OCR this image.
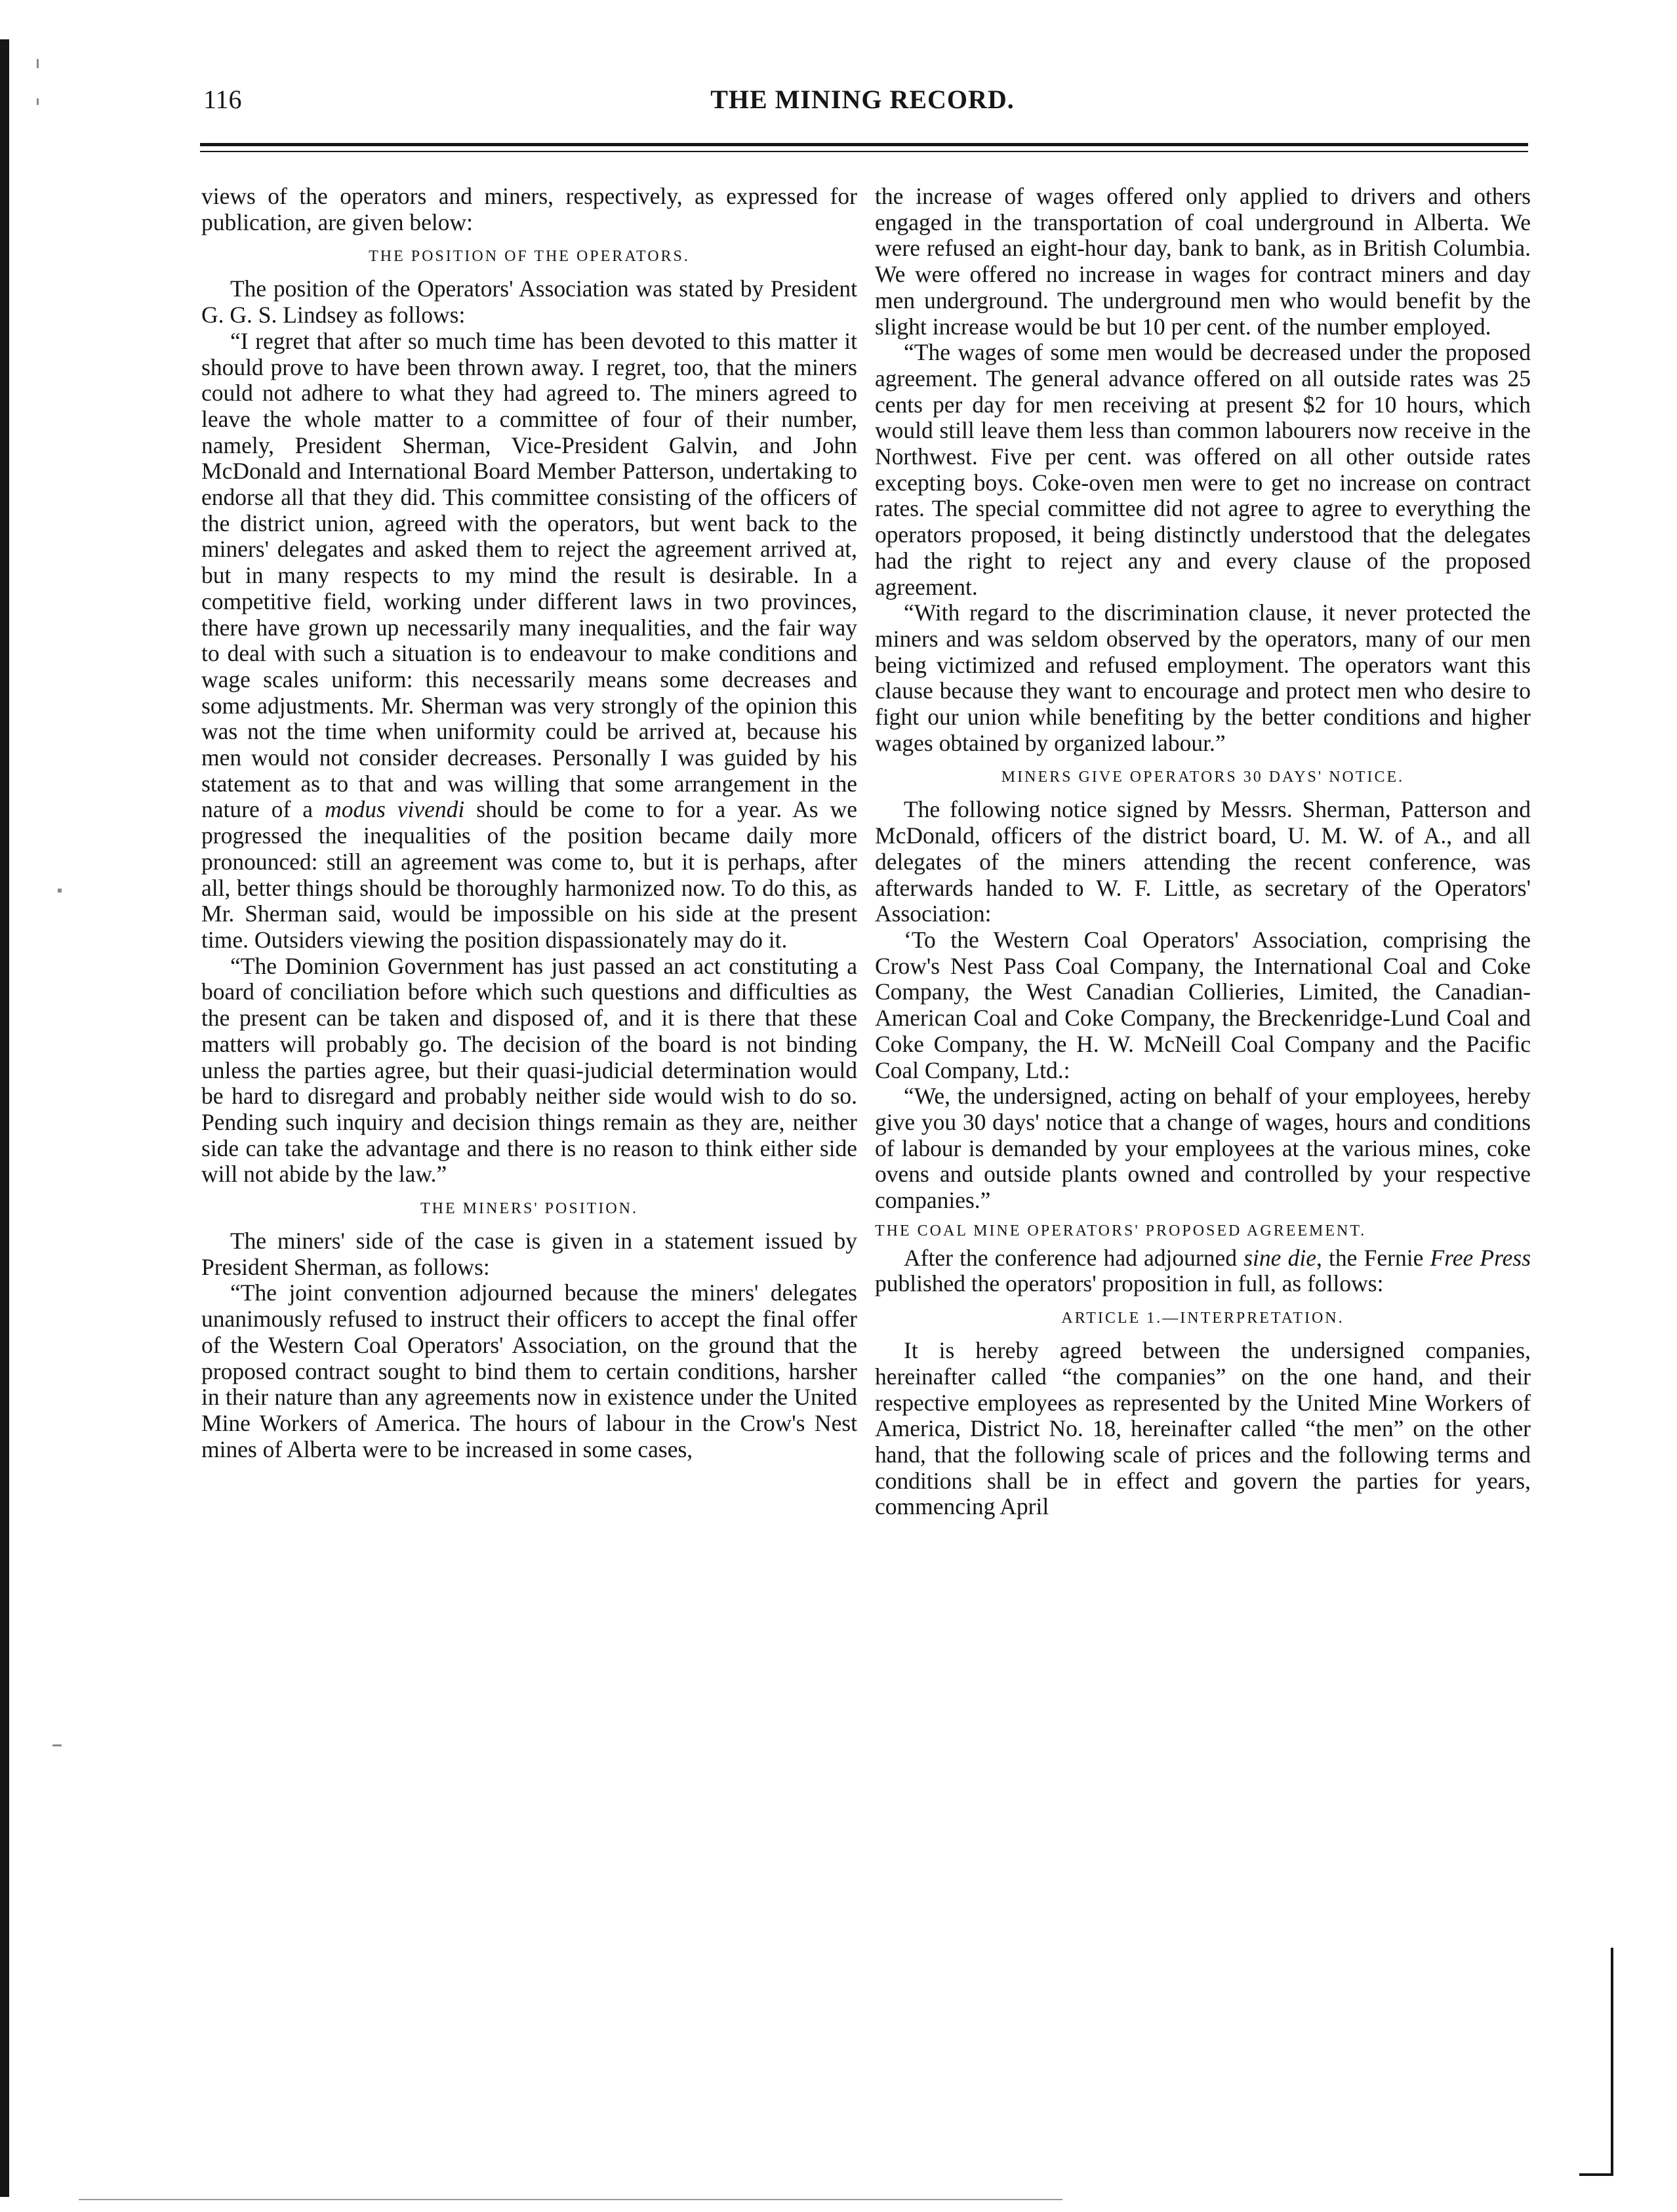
116	THE MINING RECORD.

views of the operators and miners, respectively, as expressed for publication, are given below:

THE POSITION OF THE OPERATORS.

The position of the Operators' Association was stated by President G. G. S. Lindsey as follows:

“I regret that after so much time has been devoted to this matter it should prove to have been thrown away. I regret, too, that the miners could not adhere to what they had agreed to. The miners agreed to leave the whole matter to a committee of four of their number, namely, President Sherman, Vice-President Galvin, and John McDonald and International Board Member Patterson, undertaking to endorse all that they did. This committee consisting of the officers of the district union, agreed with the operators, but went back to the miners' delegates and asked them to reject the agreement arrived at, but in many respects to my mind the result is desirable. In a competitive field, working under different laws in two provinces, there have grown up necessarily many inequalities, and the fair way to deal with such a situation is to endeavour to make conditions and wage scales uniform: this necessarily means some decreases and some adjustments. Mr. Sherman was very strongly of the opinion this was not the time when uniformity could be arrived at, because his men would not consider decreases. Personally I was guided by his statement as to that and was willing that some arrangement in the nature of a modus vivendi should be come to for a year. As we progressed the inequalities of the position became daily more pronounced: still an agreement was come to, but it is perhaps, after all, better things should be thoroughly harmonized now. To do this, as Mr. Sherman said, would be impossible on his side at the present time. Outsiders viewing the position dispassionately may do it.

“The Dominion Government has just passed an act constituting a board of conciliation before which such questions and difficulties as the present can be taken and disposed of, and it is there that these matters will probably go. The decision of the board is not binding unless the parties agree, but their quasi-judicial determination would be hard to disregard and probably neither side would wish to do so. Pending such inquiry and decision things remain as they are, neither side can take the advantage and there is no reason to think either side will not abide by the law.”

THE MINERS' POSITION.

The miners' side of the case is given in a statement issued by President Sherman, as follows:

“The joint convention adjourned because the miners' delegates unanimously refused to instruct their officers to accept the final offer of the Western Coal Operators' Association, on the ground that the proposed contract sought to bind them to certain conditions, harsher in their nature than any agreements now in existence under the United Mine Workers of America. The hours of labour in the Crow's Nest mines of Alberta were to be increased in some cases,

the increase of wages offered only applied to drivers and others engaged in the transportation of coal underground in Alberta. We were refused an eight-hour day, bank to bank, as in British Columbia. We were offered no increase in wages for contract miners and day men underground. The underground men who would benefit by the slight increase would be but 10 per cent. of the number employed.

“The wages of some men would be decreased under the proposed agreement. The general advance offered on all outside rates was 25 cents per day for men receiving at present $2 for 10 hours, which would still leave them less than common labourers now receive in the Northwest. Five per cent. was offered on all other outside rates excepting boys. Coke-oven men were to get no increase on contract rates. The special committee did not agree to agree to everything the operators proposed, it being distinctly understood that the delegates had the right to reject any and every clause of the proposed agreement.

“With regard to the discrimination clause, it never protected the miners and was seldom observed by the operators, many of our men being victimized and refused employment. The operators want this clause because they want to encourage and protect men who desire to fight our union while benefiting by the better conditions and higher wages obtained by organized labour.”

MINERS GIVE OPERATORS 30 DAYS' NOTICE.

The following notice signed by Messrs. Sherman, Patterson and McDonald, officers of the district board, U. M. W. of A., and all delegates of the miners attending the recent conference, was afterwards handed to W. F. Little, as secretary of the Operators' Association:

‘To the Western Coal Operators' Association, comprising the Crow's Nest Pass Coal Company, the International Coal and Coke Company, the West Canadian Collieries, Limited, the Canadian-American Coal and Coke Company, the Breckenridge-Lund Coal and Coke Company, the H. W. McNeill Coal Company and the Pacific Coal Company, Ltd.:

“We, the undersigned, acting on behalf of your employees, hereby give you 30 days' notice that a change of wages, hours and conditions of labour is demanded by your employees at the various mines, coke ovens and outside plants owned and controlled by your respective companies.”

THE COAL MINE OPERATORS' PROPOSED AGREEMENT.

After the conference had adjourned sine die, the Fernie Free Press published the operators' proposition in full, as follows:

ARTICLE 1.—INTERPRETATION.

It is hereby agreed between the undersigned companies, hereinafter called “the companies” on the one hand, and their respective employees as represented by the United Mine Workers of America, District No. 18, hereinafter called “the men” on the other hand, that the following scale of prices and the following terms and conditions shall be in effect and govern the parties for years, commencing April
